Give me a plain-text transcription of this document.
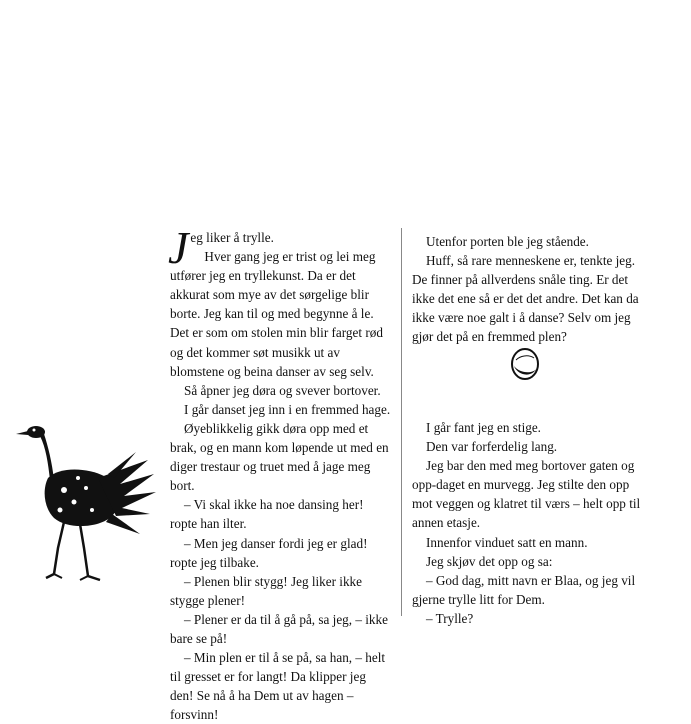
Jeg liker å trylle.

Hver gang jeg er trist og lei meg utfører jeg en tryllekunst. Da er det akkurat som mye av det sørgelige blir borte. Jeg kan til og med begynne å le. Det er som om stolen min blir farget rød og det kommer søt musikk ut av blomstene og beina danser av seg selv.

Så åpner jeg døra og svever bortover.

I går danset jeg inn i en fremmed hage.

Øyeblikkelig gikk døra opp med et brak, og en mann kom løpende ut med en diger trestaur og truet med å jage meg bort.

– Vi skal ikke ha noe dansing her! ropte han ilter.

– Men jeg danser fordi jeg er glad! ropte jeg tilbake.

– Plenen blir stygg! Jeg liker ikke stygge plener!

– Plener er da til å gå på, sa jeg, – ikke bare se på!

– Min plen er til å se på, sa han, – helt til gresset er for langt! Da klipper jeg den! Se nå å ha Dem ut av hagen – forsvinn!

Utenfor porten ble jeg stående.

Huff, så rare menneskene er, tenkte jeg. De finner på allverdens snåle ting. Er det ikke det ene så er det det andre. Det kan da ikke være noe galt i å danse? Selv om jeg gjør det på en fremmed plen?

I går fant jeg en stige.

Den var forferdelig lang.

Jeg bar den med meg bortover gaten og opp-daget en murvegg. Jeg stilte den opp mot veggen og klatret til værs – helt opp til annen etasje.

Innenfor vinduet satt en mann.

Jeg skjøv det opp og sa:

– God dag, mitt navn er Blaa, og jeg vil gjerne trylle litt for Dem.

– Trylle?
